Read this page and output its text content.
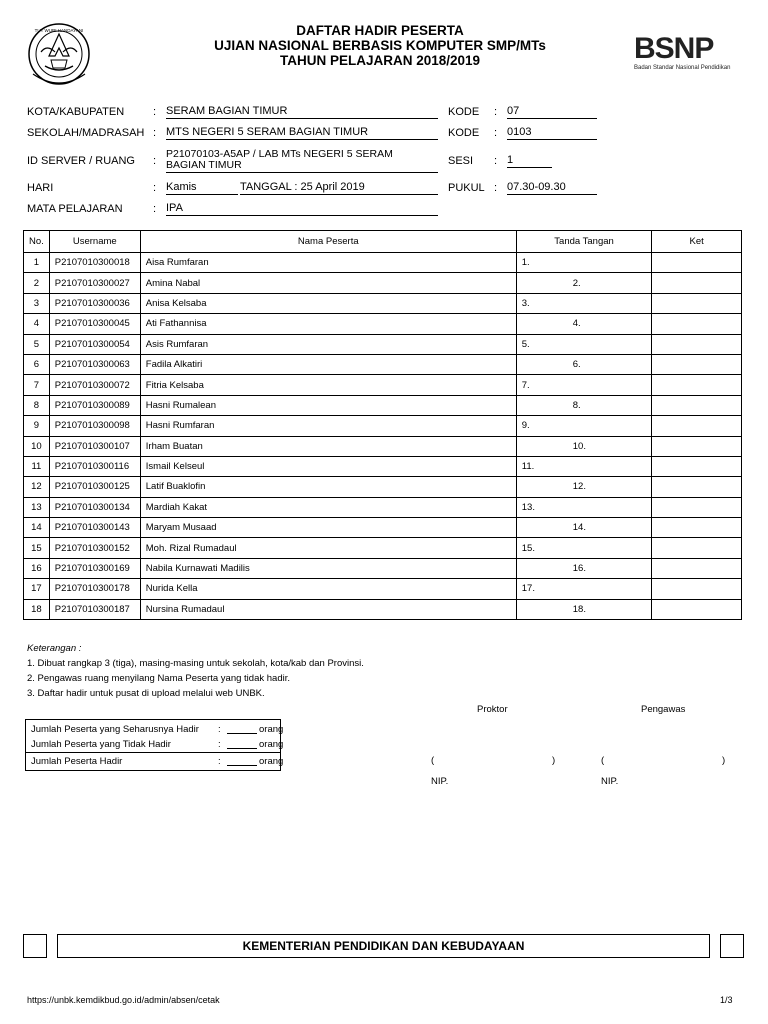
TUT WURI HANDAYANI	DAFTAR HADIR PESERTA
UJIAN NASIONAL BERBASIS KOMPUTER SMP/MTs
TAHUN PELAJARAN 2018/2019	BSNP
Badan Standar Nasional Pendidikan
KOTA/KABUPATEN	: SERAM BAGIAN TIMUR	KODE : 07
SEKOLAH/MADRASAH : MTS NEGERI 5 SERAM BAGIAN TIMUR	KODE : 0103
ID SERVER / RUANG :
P21070103-A5AP / LAB MTs NEGERI 5 SERAM
BAGIAN TIMUR	SESI : 1
HARI	: Kamis	TANGGAL : 25 April 2019	PUKUL : 07.30-09.30
MATA PELAJARAN	: IPA
No.	Username	Nama Peserta	Tanda Tangan	Ket
1	P2107010300018	Aisa Rumfaran	1.	
2	P2107010300027	Amina Nabal	2.	
3	P2107010300036	Anisa Kelsaba	3.	
4	P2107010300045	Ati Fathannisa	4.	
5	P2107010300054	Asis Rumfaran	5.	
6	P2107010300063	Fadila Alkatiri	6.	
7	P2107010300072	Fitria Kelsaba	7.	
8	P2107010300089	Hasni Rumalean	8.	
9	P2107010300098	Hasni Rumfaran	9.	
10	P2107010300107	Irham Buatan	10.	
11	P2107010300116	Ismail Kelseul	11.	
12	P2107010300125	Latif Buaklofin	12.	
13	P2107010300134	Mardiah Kakat	13.	
14	P2107010300143	Maryam Musaad	14.	
15	P2107010300152	Moh. Rizal Rumadaul	15.	
16	P2107010300169	Nabila Kurnawati Madilis	16.	
17	P2107010300178	Nurida Kella	17.	
18	P2107010300187	Nursina Rumadaul	18.	
Keterangan :
1. Dibuat rangkap 3 (tiga), masing-masing untuk sekolah, kota/kab dan Provinsi.
2. Pengawas ruang menyilang Nama Peserta yang tidak hadir.
3. Daftar hadir untuk pusat di upload melalui web UNBK.
Jumlah Peserta yang Seharusnya Hadir :	orang
Jumlah Peserta yang Tidak Hadir	:	orang
Jumlah Peserta Hadir	:	orang
Proktor	Pengawas
(	)	(	)
NIP.	NIP.
KEMENTERIAN PENDIDIKAN DAN KEBUDAYAAN
https://unbk.kemdikbud.go.id/admin/absen/cetak	1/3
